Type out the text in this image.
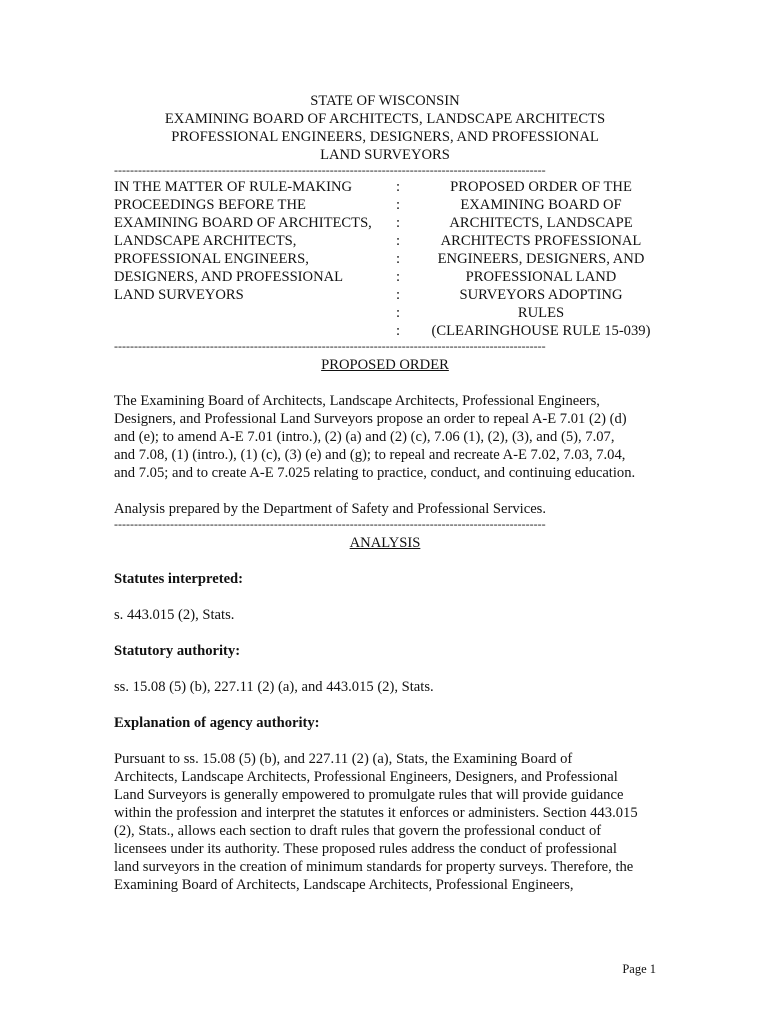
STATE OF WISCONSIN
EXAMINING BOARD OF ARCHITECTS, LANDSCAPE ARCHITECTS
PROFESSIONAL ENGINEERS, DESIGNERS, AND PROFESSIONAL
LAND SURVEYORS
------------------------------------------------------------------------------------------------------------
IN THE MATTER OF RULE-MAKING
PROCEEDINGS BEFORE THE
EXAMINING BOARD OF ARCHITECTS,
LANDSCAPE ARCHITECTS,
PROFESSIONAL ENGINEERS,
DESIGNERS, AND PROFESSIONAL
LAND SURVEYORS
:
:
:
:
:
:
:
:
:
PROPOSED ORDER OF THE
EXAMINING BOARD OF
ARCHITECTS, LANDSCAPE
ARCHITECTS PROFESSIONAL
ENGINEERS, DESIGNERS, AND
PROFESSIONAL LAND
SURVEYORS ADOPTING
RULES
(CLEARINGHOUSE RULE 15-039)
------------------------------------------------------------------------------------------------------------
PROPOSED ORDER
The Examining Board of Architects, Landscape Architects, Professional Engineers,
Designers, and Professional Land Surveyors propose an order to repeal A-E 7.01 (2) (d)
and (e); to amend A-E 7.01 (intro.), (2) (a) and (2) (c), 7.06 (1), (2), (3), and (5), 7.07,
and 7.08, (1) (intro.), (1) (c), (3) (e) and (g); to repeal and recreate A-E 7.02, 7.03, 7.04,
and 7.05; and to create A-E 7.025 relating to practice, conduct, and continuing education.

Analysis prepared by the Department of Safety and Professional Services.

------------------------------------------------------------------------------------------------------------
ANALYSIS

Statutes interpreted:

s. 443.015 (2), Stats.

Statutory authority:

ss. 15.08 (5) (b), 227.11 (2) (a), and 443.015 (2), Stats.

Explanation of agency authority:

Pursuant to ss. 15.08 (5) (b), and 227.11 (2) (a), Stats, the Examining Board of
Architects, Landscape Architects, Professional Engineers, Designers, and Professional
Land Surveyors is generally empowered to promulgate rules that will provide guidance
within the profession and interpret the statutes it enforces or administers. Section 443.015
(2), Stats., allows each section to draft rules that govern the professional conduct of
licensees under its authority. These proposed rules address the conduct of professional
land surveyors in the creation of minimum standards for property surveys. Therefore, the
Examining Board of Architects, Landscape Architects, Professional Engineers,
Page 1
